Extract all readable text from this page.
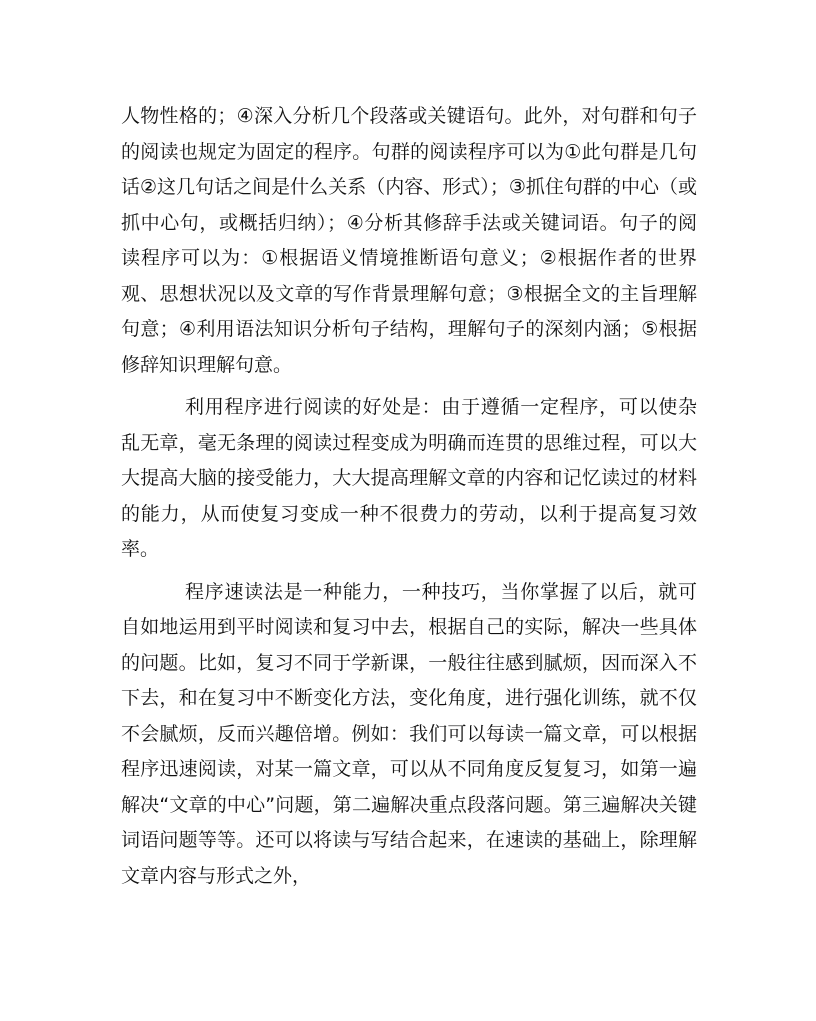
人物性格的；④深入分析几个段落或关键语句。此外，对句群和句子的阅读也规定为固定的程序。句群的阅读程序可以为①此句群是几句话②这几句话之间是什么关系（内容、形式）；③抓住句群的中心（或抓中心句，或概括归纳）；④分析其修辞手法或关键词语。句子的阅读程序可以为：①根据语义情境推断语句意义；②根据作者的世界观、思想状况以及文章的写作背景理解句意；③根据全文的主旨理解句意；④利用语法知识分析句子结构，理解句子的深刻内涵；⑤根据修辞知识理解句意。

利用程序进行阅读的好处是：由于遵循一定程序，可以使杂乱无章，毫无条理的阅读过程变成为明确而连贯的思维过程，可以大大提高大脑的接受能力，大大提高理解文章的内容和记忆读过的材料的能力，从而使复习变成一种不很费力的劳动，以利于提高复习效率。

程序速读法是一种能力，一种技巧，当你掌握了以后，就可自如地运用到平时阅读和复习中去，根据自己的实际，解决一些具体的问题。比如，复习不同于学新课，一般往往感到腻烦，因而深入不下去，和在复习中不断变化方法，变化角度，进行强化训练，就不仅不会腻烦，反而兴趣倍增。例如：我们可以每读一篇文章，可以根据程序迅速阅读，对某一篇文章，可以从不同角度反复复习，如第一遍解决“文章的中心”问题，第二遍解决重点段落问题。第三遍解决关键词语问题等等。还可以将读与写结合起来，在速读的基础上，除理解文章内容与形式之外，
